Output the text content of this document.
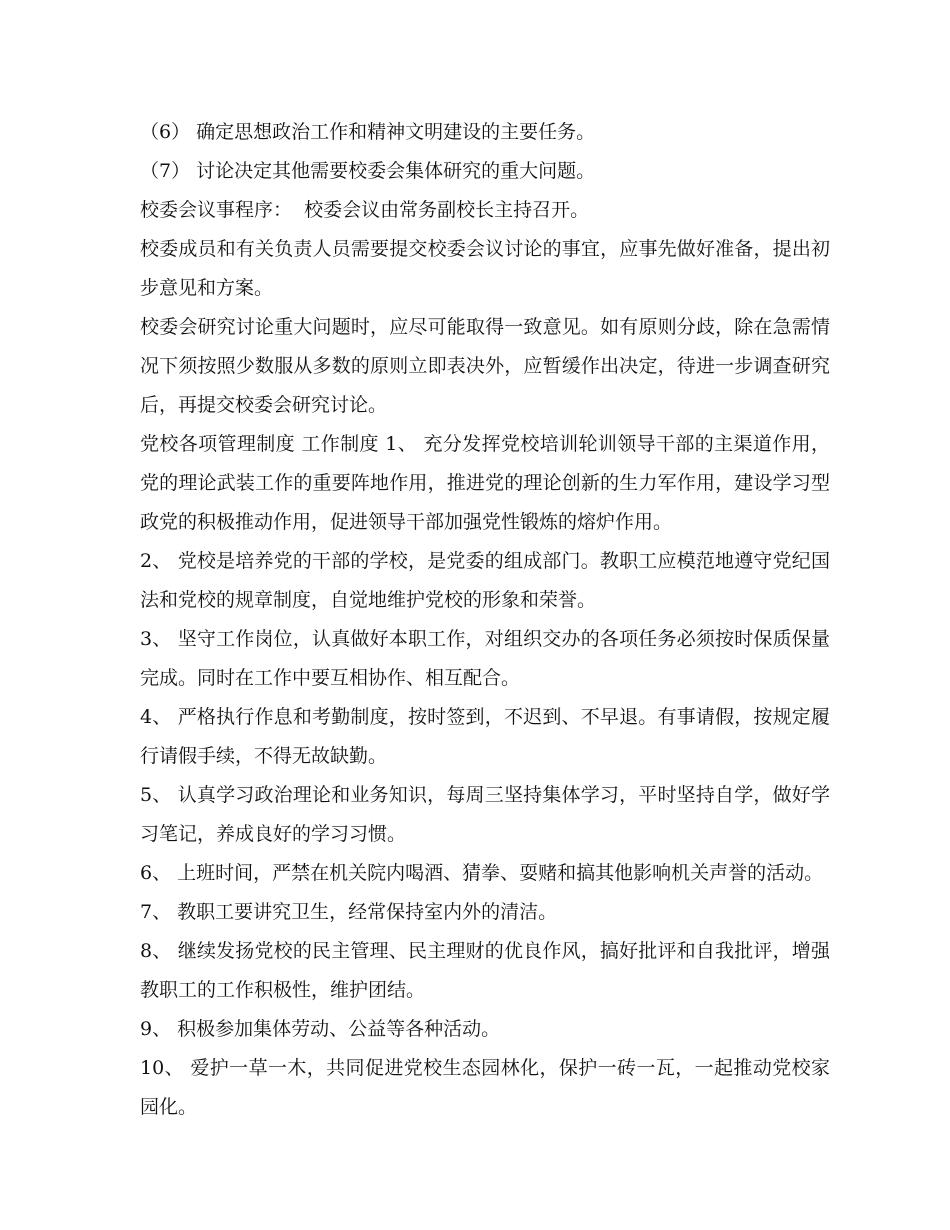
（6） 确定思想政治工作和精神文明建设的主要任务。

（7） 讨论决定其他需要校委会集体研究的重大问题。

校委会议事程序：  校委会议由常务副校长主持召开。

校委成员和有关负责人员需要提交校委会议讨论的事宜，应事先做好准备，提出初步意见和方案。

校委会研究讨论重大问题时，应尽可能取得一致意见。如有原则分歧，除在急需情况下须按照少数服从多数的原则立即表决外，应暂缓作出决定，待进一步调查研究后，再提交校委会研究讨论。

党校各项管理制度 工作制度 1、 充分发挥党校培训轮训领导干部的主渠道作用，党的理论武装工作的重要阵地作用，推进党的理论创新的生力军作用，建设学习型政党的积极推动作用，促进领导干部加强党性锻炼的熔炉作用。

2、 党校是培养党的干部的学校，是党委的组成部门。教职工应模范地遵守党纪国法和党校的规章制度，自觉地维护党校的形象和荣誉。

3、 坚守工作岗位，认真做好本职工作，对组织交办的各项任务必须按时保质保量完成。同时在工作中要互相协作、相互配合。

4、 严格执行作息和考勤制度，按时签到，不迟到、不早退。有事请假，按规定履行请假手续，不得无故缺勤。

5、 认真学习政治理论和业务知识，每周三坚持集体学习，平时坚持自学，做好学习笔记，养成良好的学习习惯。

6、 上班时间，严禁在机关院内喝酒、猜拳、耍赌和搞其他影响机关声誉的活动。

7、 教职工要讲究卫生，经常保持室内外的清洁。

8、 继续发扬党校的民主管理、民主理财的优良作风，搞好批评和自我批评，增强教职工的工作积极性，维护团结。

9、 积极参加集体劳动、公益等各种活动。

10、 爱护一草一木，共同促进党校生态园林化，保护一砖一瓦，一起推动党校家园化。
